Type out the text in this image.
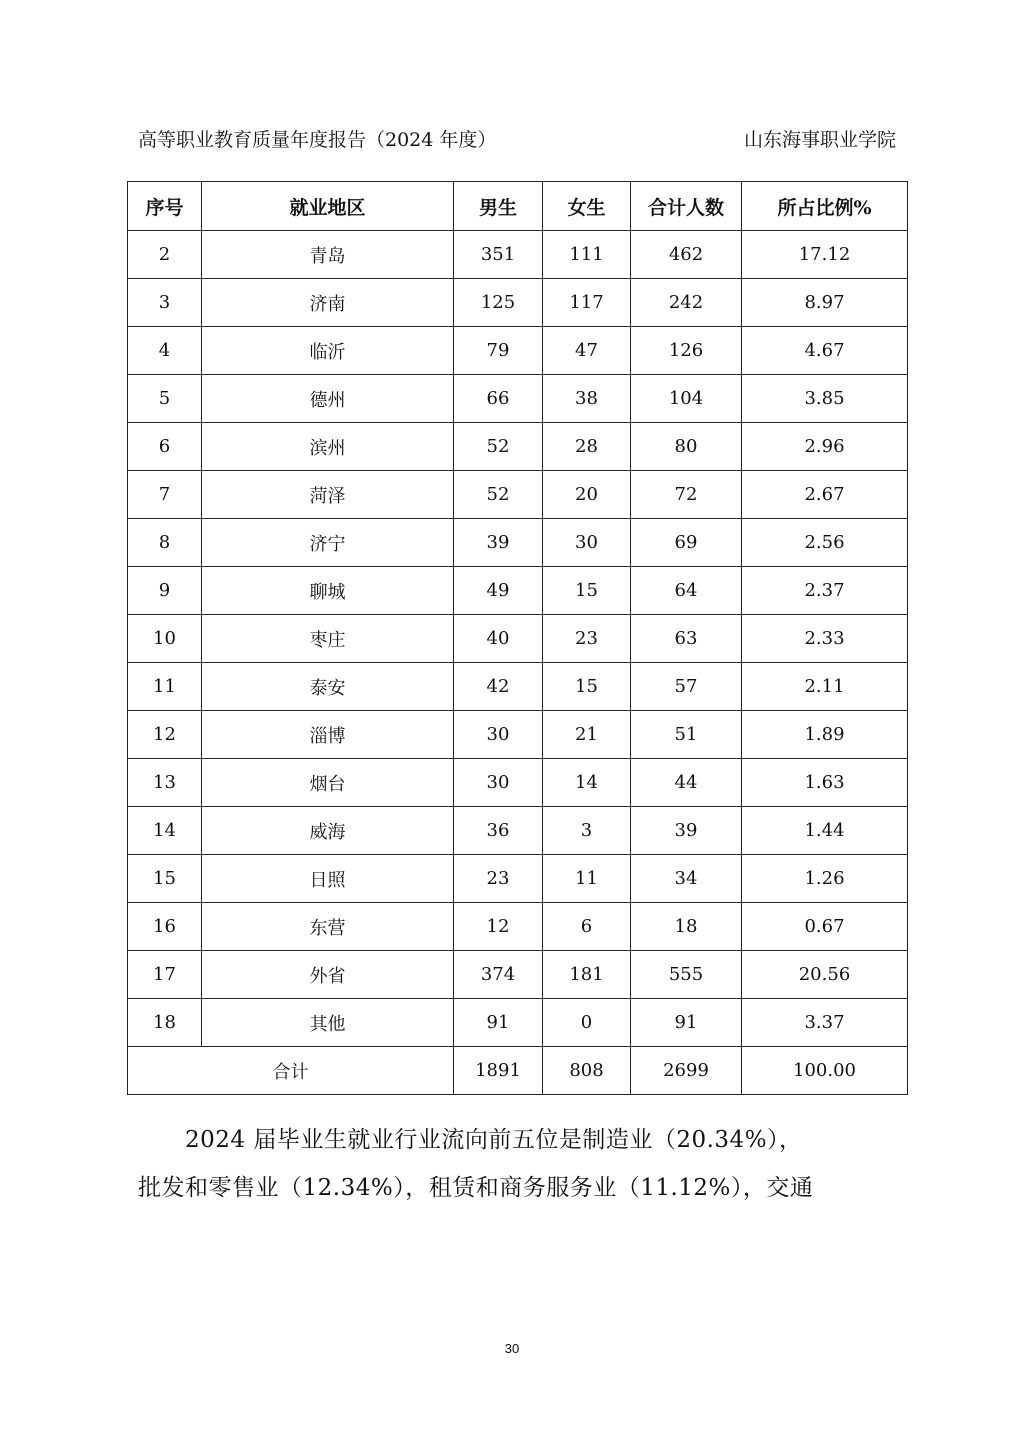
高等职业教育质量年度报告（2024 年度）	山东海事职业学院
序号	就业地区	男生	女生	合计人数	所占比例%
2	青岛	351	111	462	17.12
3	济南	125	117	242	8.97
4	临沂	79	47	126	4.67
5	德州	66	38	104	3.85
6	滨州	52	28	80	2.96
7	菏泽	52	20	72	2.67
8	济宁	39	30	69	2.56
9	聊城	49	15	64	2.37
10	枣庄	40	23	63	2.33
11	泰安	42	15	57	2.11
12	淄博	30	21	51	1.89
13	烟台	30	14	44	1.63
14	威海	36	3	39	1.44
15	日照	23	11	34	1.26
16	东营	12	6	18	0.67
17	外省	374	181	555	20.56
18	其他	91	0	91	3.37
合计		1891	808	2699	100.00

　　2024 届毕业生就业行业流向前五位是制造业（20.34%），

批发和零售业（12.34%），租赁和商务服务业（11.12%），交通

30
